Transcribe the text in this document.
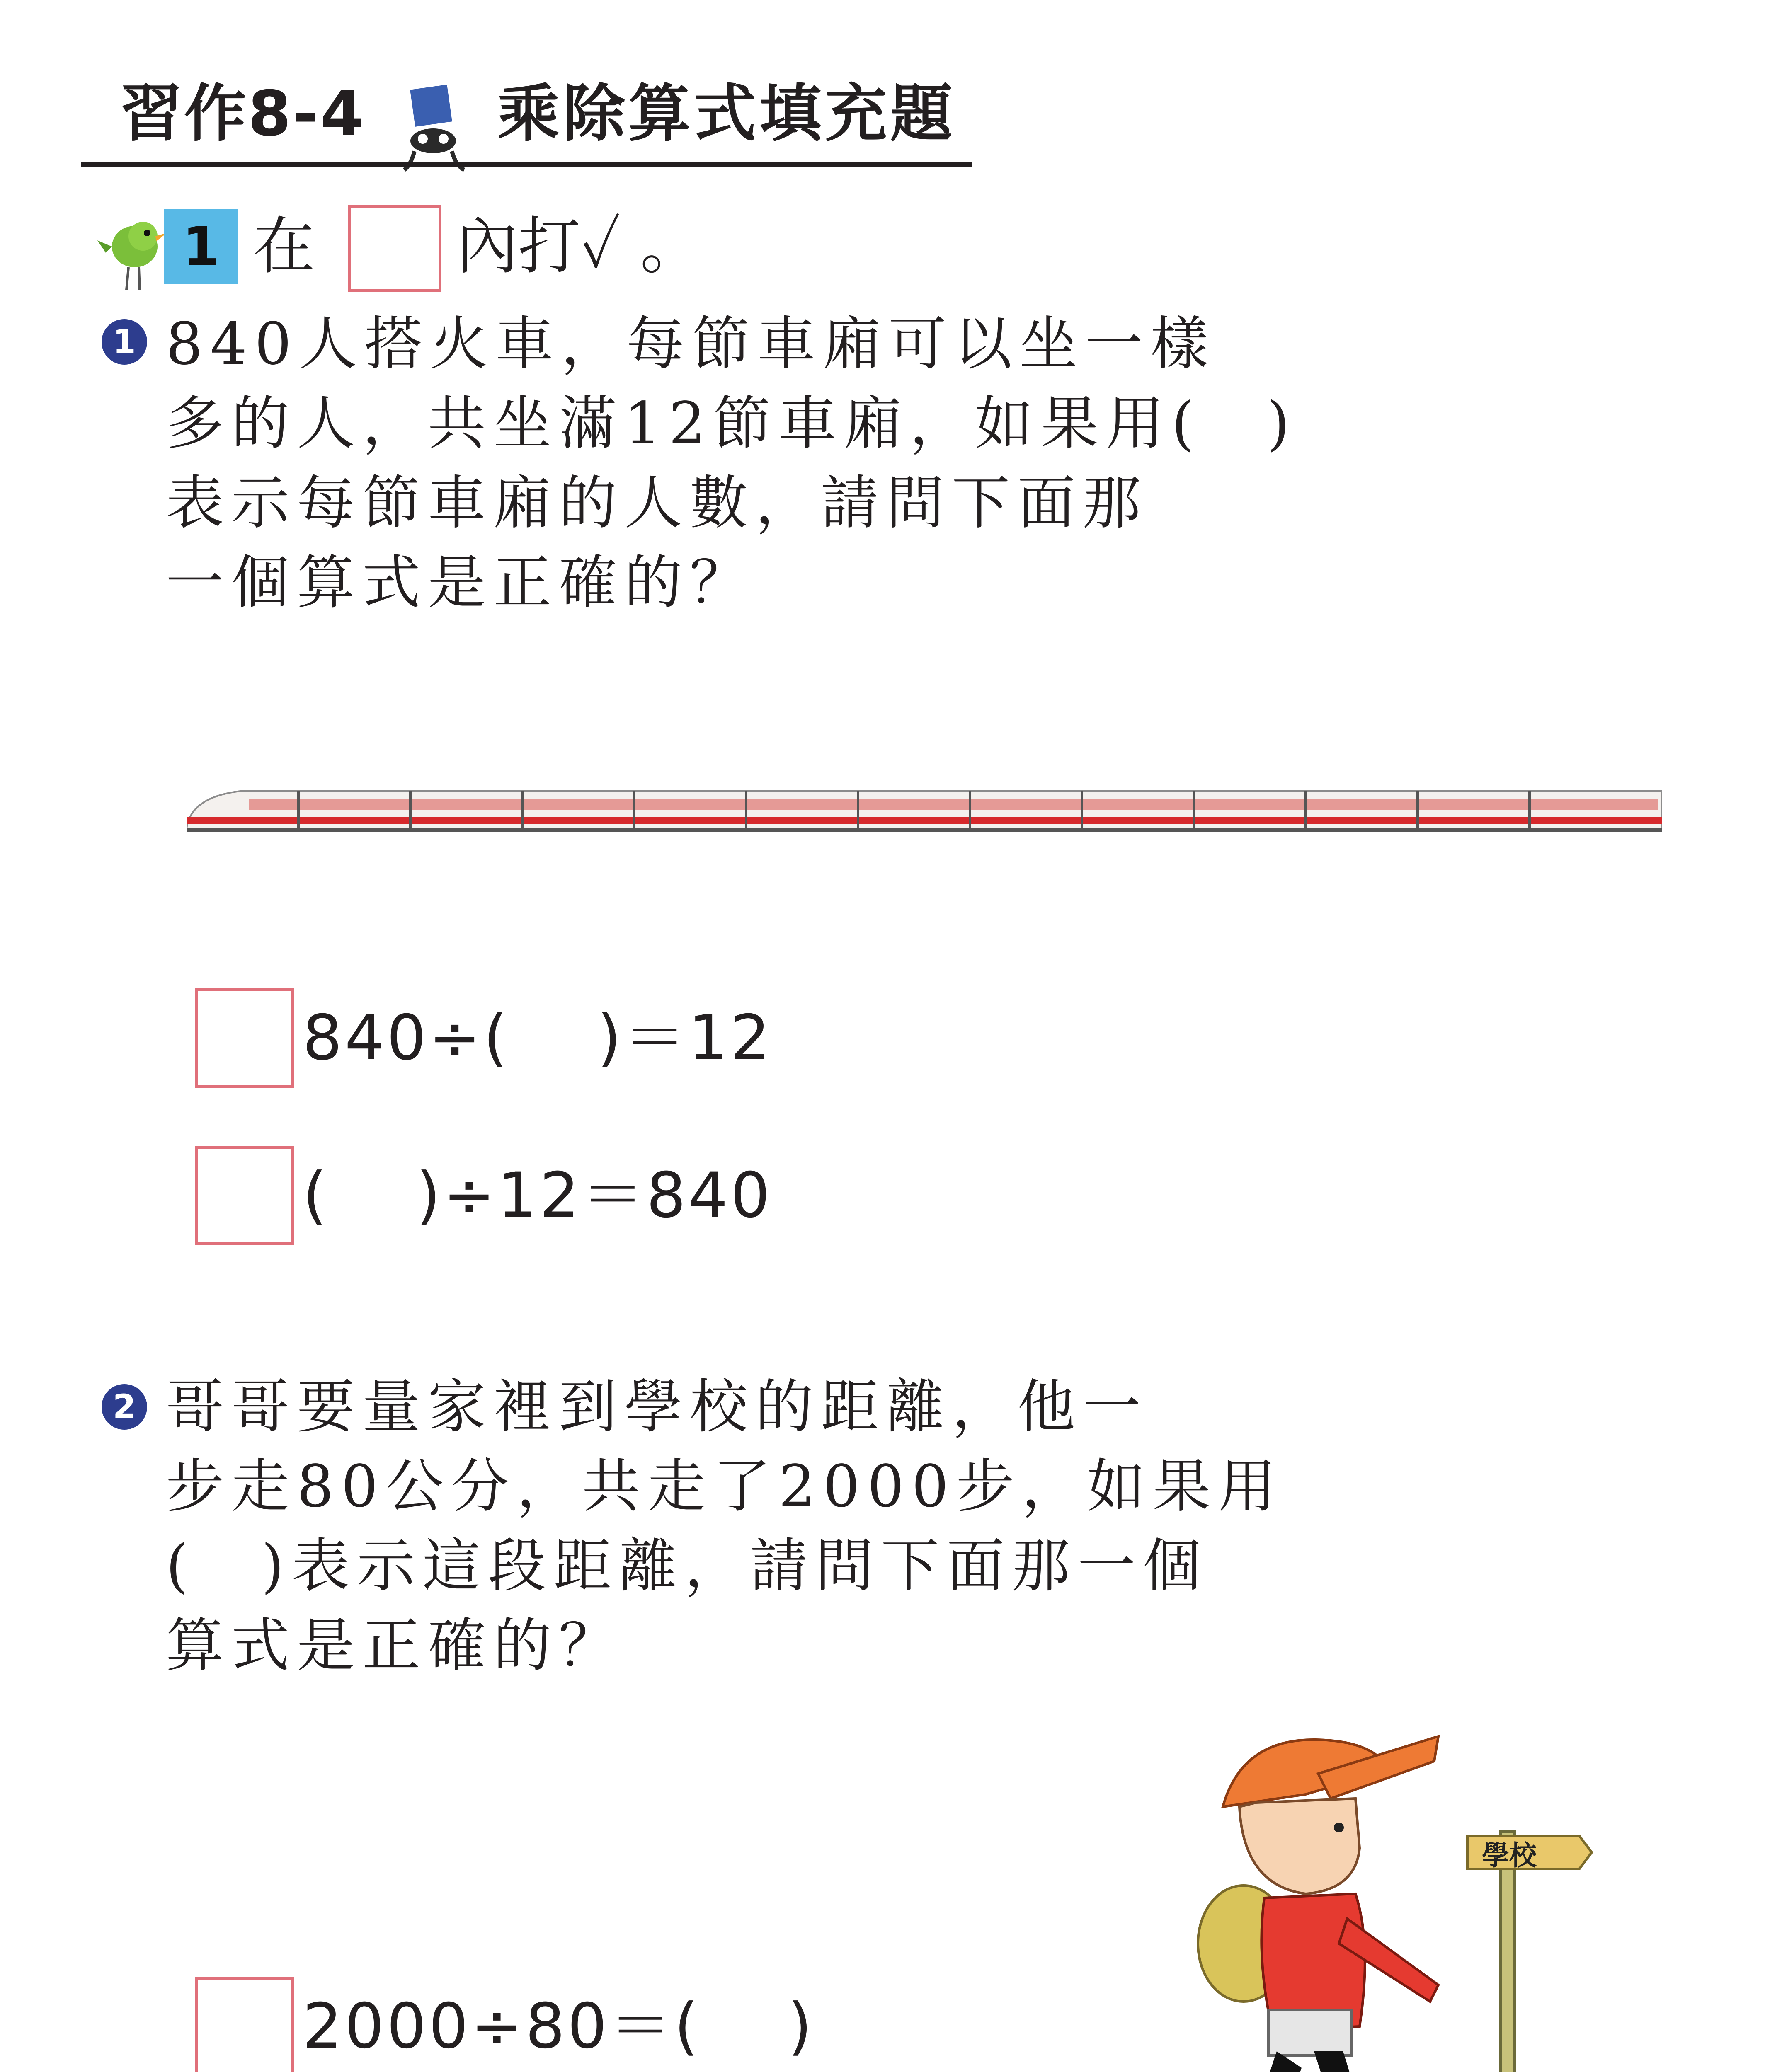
習作8-4 乘除算式填充題
1 在 內打✓ 。
1 840人搭火車，每節車廂可以坐一樣
多的人，共坐滿12節車廂，如果用(　)
表示每節車廂的人數，請問下面那
一個算式是正確的？
840÷(　 )＝12
(　 )÷12＝840
2 哥哥要量家裡到學校的距離，他一
步走80公分，共走了2000步，如果用
(　)表示這段距離，請問下面那一個
算式是正確的？
2000÷80＝(　 )
學校
